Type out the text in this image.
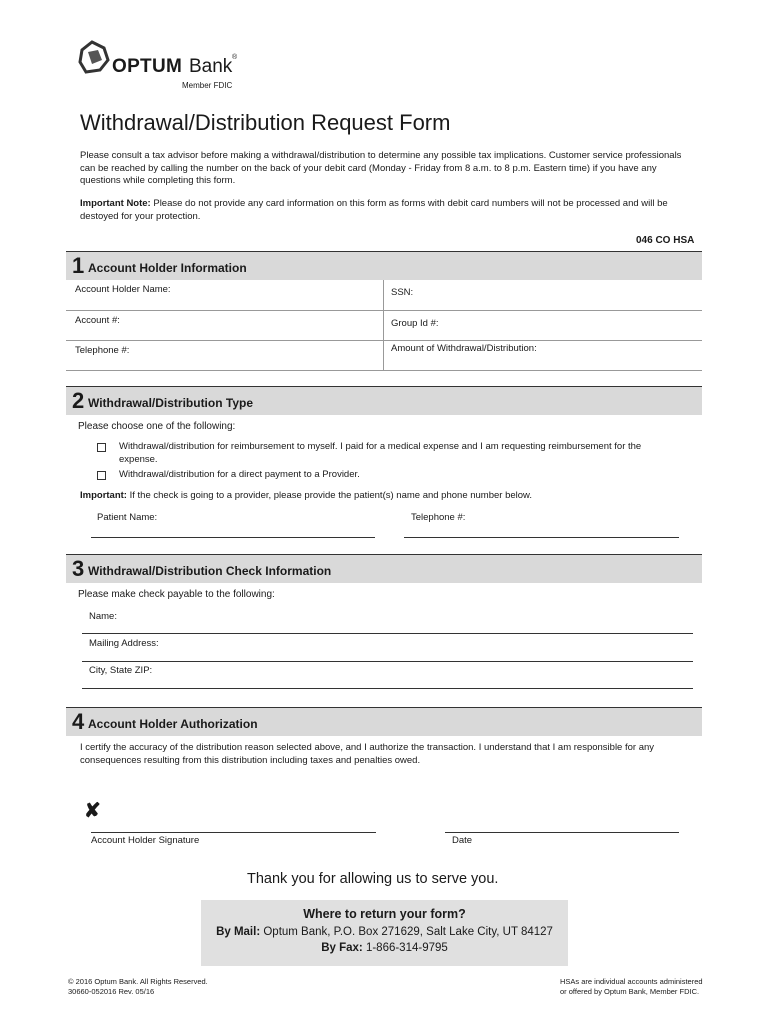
OPTUM Bank ®
Member FDIC
Withdrawal/Distribution Request Form
Please consult a tax advisor before making a withdrawal/distribution to determine any possible tax implications. Customer service professionals can be reached by calling the number on the back of your debit card (Monday - Friday from 8 a.m. to 8 p.m. Eastern time) if you have any questions while completing this form.
Important Note: Please do not provide any card information on this form as forms with debit card numbers will not be processed and will be destoyed for your protection.
046 CO HSA
1 Account Holder Information
Account Holder Name:	SSN:
Account #:	Group Id #:
Telephone #:	Amount of Withdrawal/Distribution:
2 Withdrawal/Distribution Type
Please choose one of the following:
Withdrawal/distribution for reimbursement to myself. I paid for a medical expense and I am requesting reimbursement for the expense.
Withdrawal/distribution for a direct payment to a Provider.
Important: If the check is going to a provider, please provide the patient(s) name and phone number below.
Patient Name:	Telephone #:
3 Withdrawal/Distribution Check Information
Please make check payable to the following:
Name:
Mailing Address:
City, State ZIP:
4 Account Holder Authorization
I certify the accuracy of the distribution reason selected above, and I authorize the transaction. I understand that I am responsible for any consequences resulting from this distribution including taxes and penalties owed.
✘
Account Holder Signature	Date
Thank you for allowing us to serve you.
Where to return your form?
By Mail: Optum Bank, P.O. Box 271629, Salt Lake City, UT 84127
By Fax: 1-866-314-9795
© 2016 Optum Bank. All Rights Reserved.
30660-052016 Rev. 05/16
HSAs are individual accounts administered
or offered by Optum Bank, Member FDIC.
